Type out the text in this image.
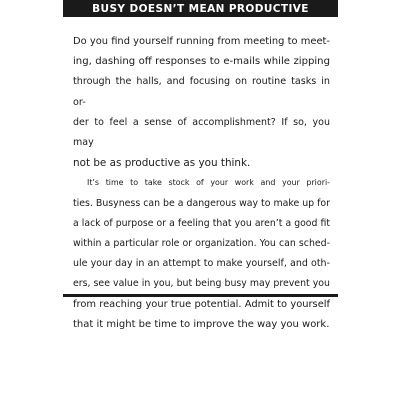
BUSY DOESN’T MEAN PRODUCTIVE

Do you find yourself running from meeting to meet-
ing, dashing off responses to e-mails while zipping
through the halls, and focusing on routine tasks in or-
der to feel a sense of accomplishment? If so, you may
not be as productive as you think.

It’s time to take stock of your work and your priori-
ties. Busyness can be a dangerous way to make up for
a lack of purpose or a feeling that you aren’t a good fit
within a particular role or organization. You can sched-
ule your day in an attempt to make yourself, and oth-
ers, see value in you, but being busy may prevent you
from reaching your true potential. Admit to yourself
that it might be time to improve the way you work.
